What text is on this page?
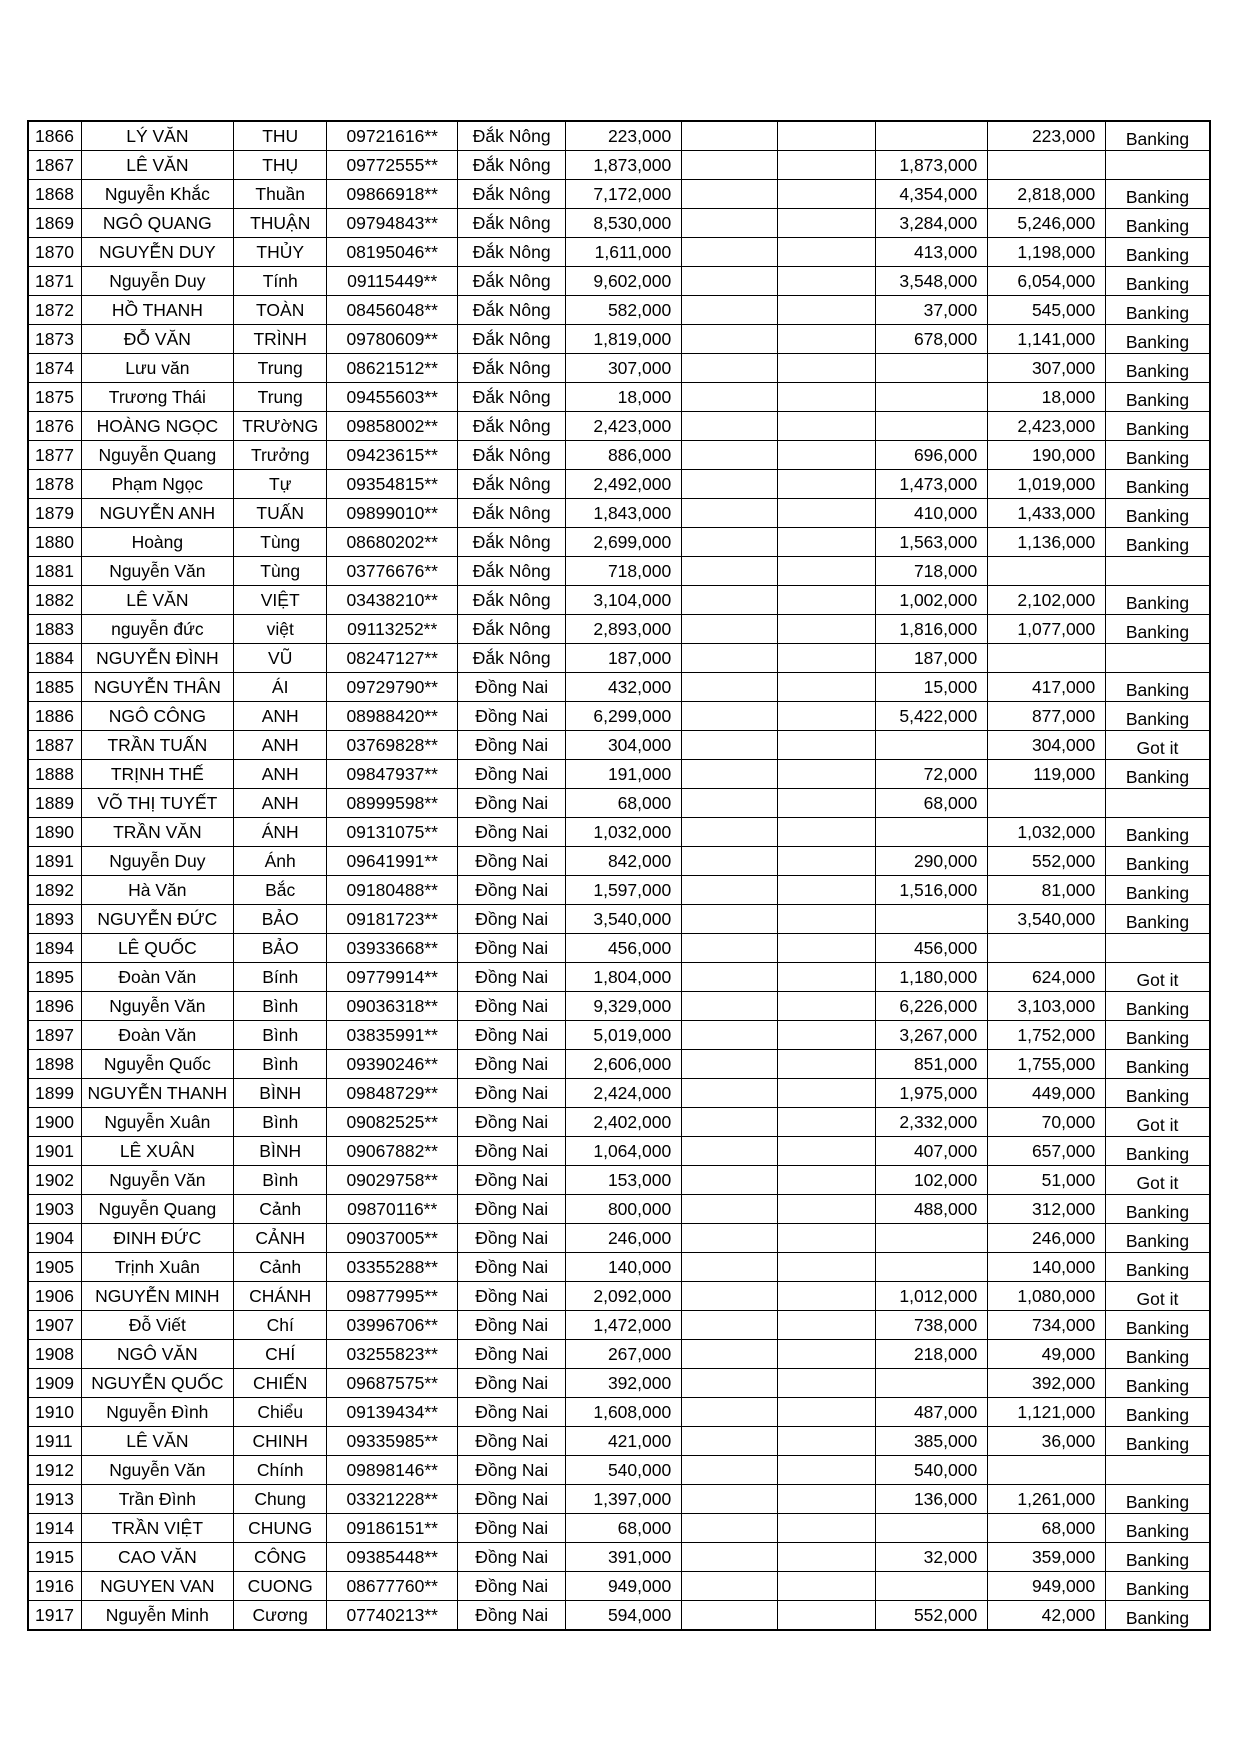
1866	LÝ VĂN	THU	09721616**	Đắk Nông	223,000				223,000	Banking
1867	LÊ VĂN	THỤ	09772555**	Đắk Nông	1,873,000			1,873,000		
1868	Nguyễn Khắc	Thuần	09866918**	Đắk Nông	7,172,000			4,354,000	2,818,000	Banking
1869	NGÔ QUANG	THUẬN	09794843**	Đắk Nông	8,530,000			3,284,000	5,246,000	Banking
1870	NGUYỄN DUY	THỦY	08195046**	Đắk Nông	1,611,000			413,000	1,198,000	Banking
1871	Nguyễn Duy	Tính	09115449**	Đắk Nông	9,602,000			3,548,000	6,054,000	Banking
1872	HỒ THANH	TOÀN	08456048**	Đắk Nông	582,000			37,000	545,000	Banking
1873	ĐỖ VĂN	TRÌNH	09780609**	Đắk Nông	1,819,000			678,000	1,141,000	Banking
1874	Lưu văn	Trung	08621512**	Đắk Nông	307,000				307,000	Banking
1875	Trương Thái	Trung	09455603**	Đắk Nông	18,000				18,000	Banking
1876	HOÀNG NGỌC	TRƯờNG	09858002**	Đắk Nông	2,423,000				2,423,000	Banking
1877	Nguyễn Quang	Trưởng	09423615**	Đắk Nông	886,000			696,000	190,000	Banking
1878	Phạm Ngọc	Tự	09354815**	Đắk Nông	2,492,000			1,473,000	1,019,000	Banking
1879	NGUYỄN ANH	TUẤN	09899010**	Đắk Nông	1,843,000			410,000	1,433,000	Banking
1880	Hoàng	Tùng	08680202**	Đắk Nông	2,699,000			1,563,000	1,136,000	Banking
1881	Nguyễn Văn	Tùng	03776676**	Đắk Nông	718,000			718,000		
1882	LÊ VĂN	VIỆT	03438210**	Đắk Nông	3,104,000			1,002,000	2,102,000	Banking
1883	nguyễn đức	việt	09113252**	Đắk Nông	2,893,000			1,816,000	1,077,000	Banking
1884	NGUYỄN ĐÌNH	VŨ	08247127**	Đắk Nông	187,000			187,000		
1885	NGUYỄN THÂN	ÁI	09729790**	Đồng Nai	432,000			15,000	417,000	Banking
1886	NGÔ CÔNG	ANH	08988420**	Đồng Nai	6,299,000			5,422,000	877,000	Banking
1887	TRẦN TUẤN	ANH	03769828**	Đồng Nai	304,000				304,000	Got it
1888	TRỊNH THẾ	ANH	09847937**	Đồng Nai	191,000			72,000	119,000	Banking
1889	VÕ THỊ TUYẾT	ANH	08999598**	Đồng Nai	68,000			68,000		
1890	TRẦN VĂN	ÁNH	09131075**	Đồng Nai	1,032,000				1,032,000	Banking
1891	Nguyễn Duy	Ánh	09641991**	Đồng Nai	842,000			290,000	552,000	Banking
1892	Hà Văn	Bắc	09180488**	Đồng Nai	1,597,000			1,516,000	81,000	Banking
1893	NGUYỄN ĐỨC	BẢO	09181723**	Đồng Nai	3,540,000				3,540,000	Banking
1894	LÊ QUỐC	BẢO	03933668**	Đồng Nai	456,000			456,000		
1895	Đoàn Văn	Bính	09779914**	Đồng Nai	1,804,000			1,180,000	624,000	Got it
1896	Nguyễn Văn	Bình	09036318**	Đồng Nai	9,329,000			6,226,000	3,103,000	Banking
1897	Đoàn Văn	Bình	03835991**	Đồng Nai	5,019,000			3,267,000	1,752,000	Banking
1898	Nguyễn Quốc	Bình	09390246**	Đồng Nai	2,606,000			851,000	1,755,000	Banking
1899	NGUYỄN THANH	BÌNH	09848729**	Đồng Nai	2,424,000			1,975,000	449,000	Banking
1900	Nguyễn Xuân	Bình	09082525**	Đồng Nai	2,402,000			2,332,000	70,000	Got it
1901	LÊ XUÂN	BÌNH	09067882**	Đồng Nai	1,064,000			407,000	657,000	Banking
1902	Nguyễn Văn	Bình	09029758**	Đồng Nai	153,000			102,000	51,000	Got it
1903	Nguyễn Quang	Cảnh	09870116**	Đồng Nai	800,000			488,000	312,000	Banking
1904	ĐINH ĐỨC	CẢNH	09037005**	Đồng Nai	246,000				246,000	Banking
1905	Trịnh Xuân	Cảnh	03355288**	Đồng Nai	140,000				140,000	Banking
1906	NGUYỄN MINH	CHÁNH	09877995**	Đồng Nai	2,092,000			1,012,000	1,080,000	Got it
1907	Đỗ Viết	Chí	03996706**	Đồng Nai	1,472,000			738,000	734,000	Banking
1908	NGÔ VĂN	CHÍ	03255823**	Đồng Nai	267,000			218,000	49,000	Banking
1909	NGUYỄN QUỐC	CHIẾN	09687575**	Đồng Nai	392,000				392,000	Banking
1910	Nguyễn Đình	Chiểu	09139434**	Đồng Nai	1,608,000			487,000	1,121,000	Banking
1911	LÊ VĂN	CHINH	09335985**	Đồng Nai	421,000			385,000	36,000	Banking
1912	Nguyễn Văn	Chính	09898146**	Đồng Nai	540,000			540,000		
1913	Trần Đình	Chung	03321228**	Đồng Nai	1,397,000			136,000	1,261,000	Banking
1914	TRẦN VIỆT	CHUNG	09186151**	Đồng Nai	68,000				68,000	Banking
1915	CAO VĂN	CÔNG	09385448**	Đồng Nai	391,000			32,000	359,000	Banking
1916	NGUYEN VAN	CUONG	08677760**	Đồng Nai	949,000				949,000	Banking
1917	Nguyễn Minh	Cương	07740213**	Đồng Nai	594,000			552,000	42,000	Banking
